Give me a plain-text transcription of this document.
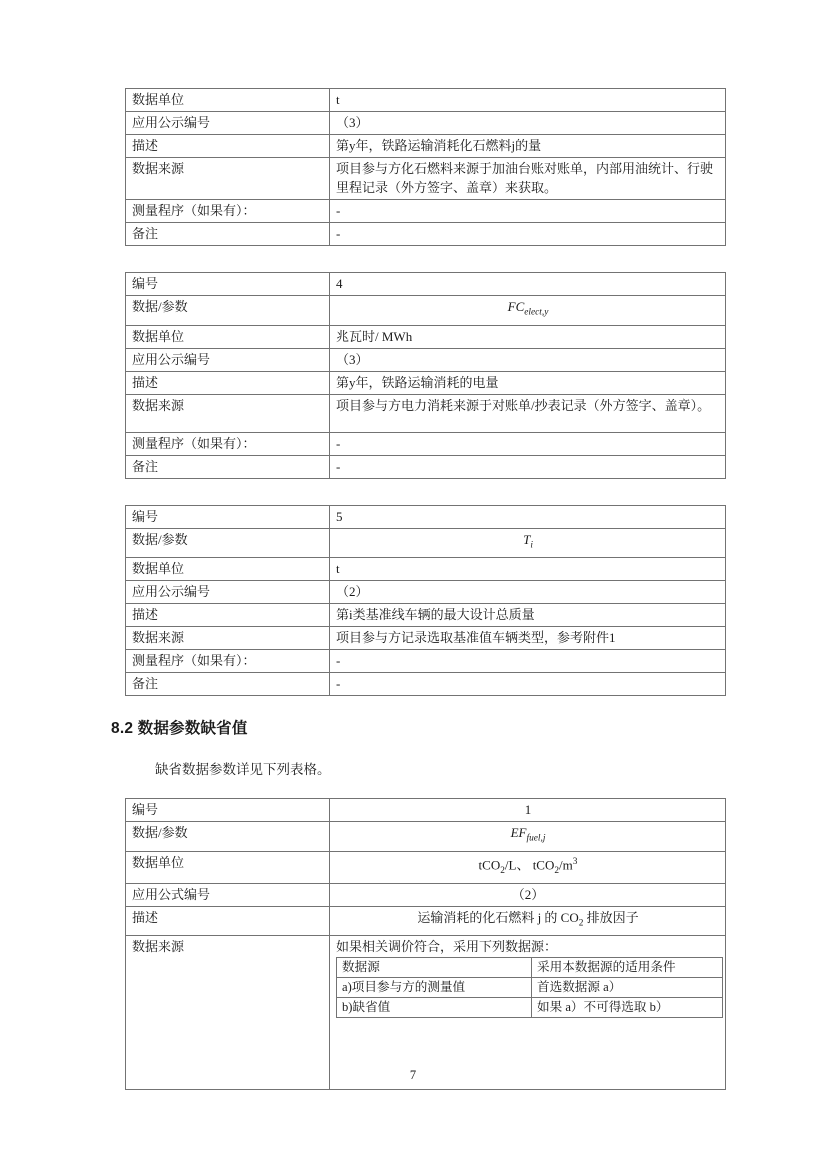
数据单位	t
应用公示编号	（3）
描述	第y年，铁路运输消耗化石燃料j的量
数据来源	项目参与方化石燃料来源于加油台账对账单，内部用油统计、行驶里程记录（外方签字、盖章）来获取。
测量程序（如果有）：	-
备注	-
编号	4
数据/参数	$FC_{elect,y}$
数据单位	兆瓦时/ MWh
应用公示编号	（3）
描述	第y年，铁路运输消耗的电量
数据来源	项目参与方电力消耗来源于对账单/抄表记录（外方签字、盖章）。
测量程序（如果有）：	-
备注	-
编号	5
数据/参数	$T_i$
数据单位	t
应用公示编号	（2）
描述	第i类基准线车辆的最大设计总质量
数据来源	项目参与方记录选取基准值车辆类型，参考附件1
测量程序（如果有）：	-
备注	-
8.2 数据参数缺省值

缺省数据参数详见下列表格。

编号	1
数据/参数	$EF_{fuel,j}$
数据单位	tCO$_2$/L、 $tCO_2/m^3$
应用公式编号	（2）
描述	运输消耗的化石燃料 j 的 $CO_2$ 排放因子
数据来源	如果相关调价符合，采用下列数据源：
数据源	采用本数据源的适用条件
a)项目参与方的测量值	首选数据源 a）
b)缺省值	如果 a）不可得选取 b）
7
